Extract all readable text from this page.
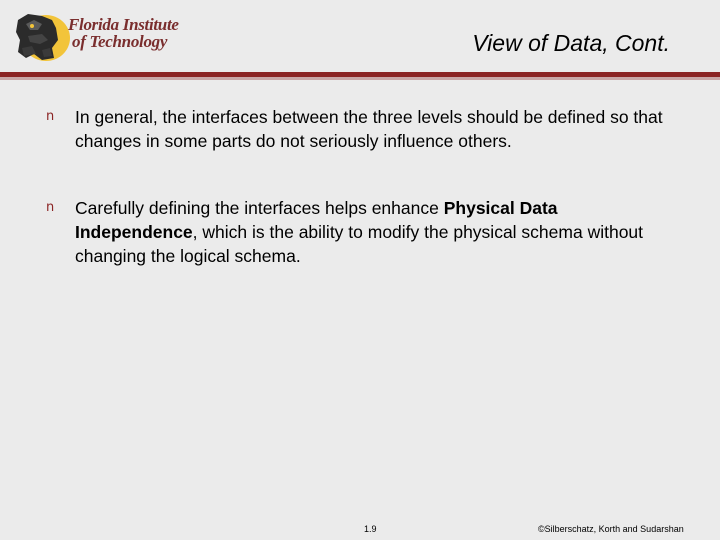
Florida Institute
of Technology	View of Data, Cont.
n In general, the interfaces between the three levels should be defined so that changes in some parts do not seriously influence others.
n Carefully defining the interfaces helps enhance Physical Data Independence, which is the ability to modify the physical schema without changing the logical schema.
1.9	©Silberschatz, Korth and Sudarshan
